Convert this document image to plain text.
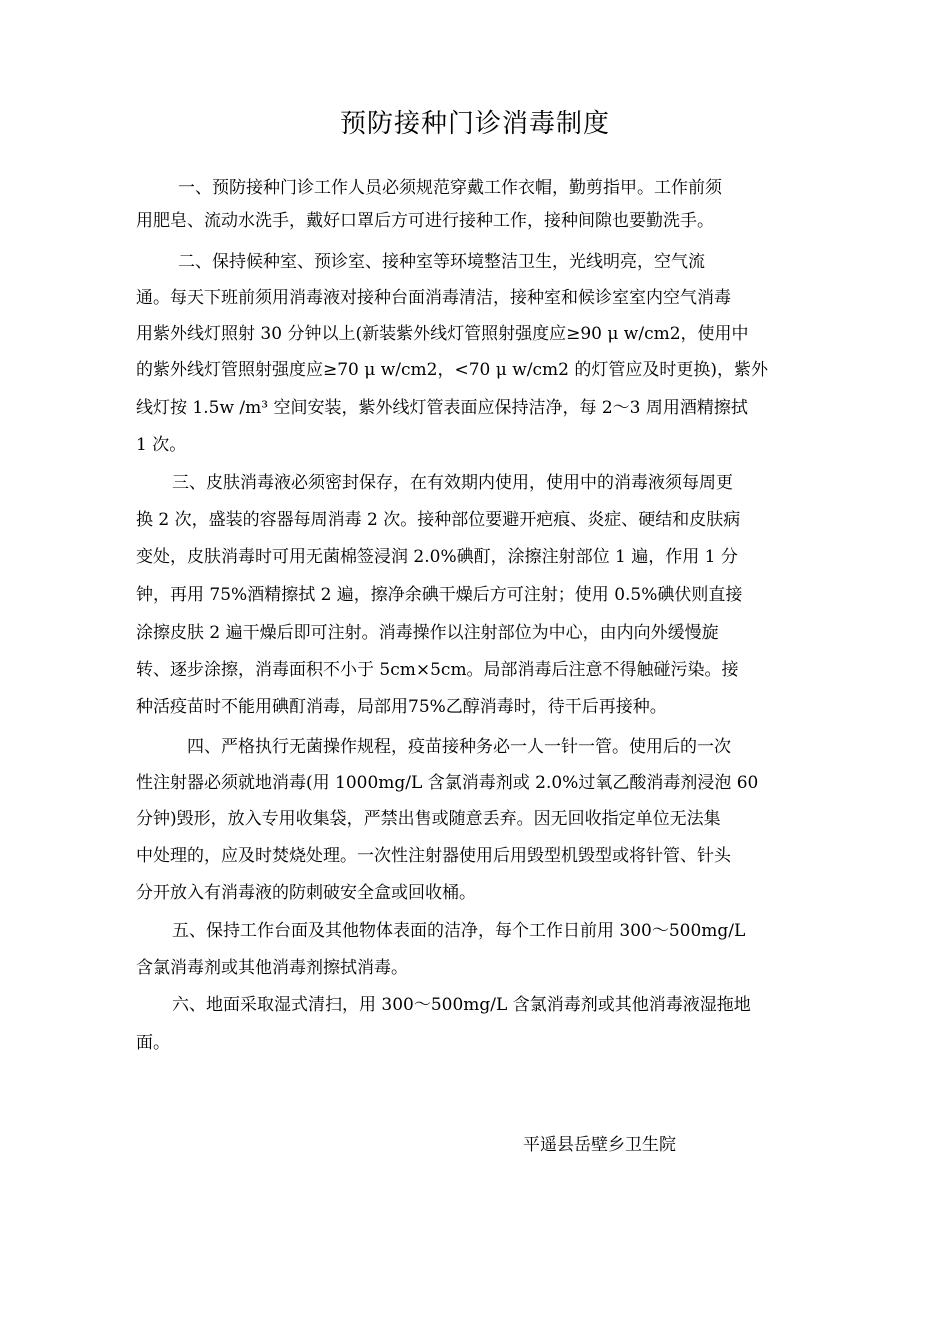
预防接种门诊消毒制度
一、预防接种门诊工作人员必须规范穿戴工作衣帽，勤剪指甲。工作前须
用肥皂、流动水洗手，戴好口罩后方可进行接种工作，接种间隙也要勤洗手。
二、保持候种室、预诊室、接种室等环境整洁卫生，光线明亮，空气流
通。每天下班前须用消毒液对接种台面消毒清洁，接种室和候诊室室内空气消毒
用紫外线灯照射 30 分钟以上(新装紫外线灯管照射强度应≥90 μ w/cm2，使用中
的紫外线灯管照射强度应≥70 μ w/cm2，<70 μ w/cm2 的灯管应及时更换)，紫外
线灯按 1.5w /m³ 空间安装，紫外线灯管表面应保持洁净，每 2～3 周用酒精擦拭
1 次。
三、皮肤消毒液必须密封保存，在有效期内使用，使用中的消毒液须每周更
换 2 次，盛装的容器每周消毒 2 次。接种部位要避开疤痕、炎症、硬结和皮肤病
变处，皮肤消毒时可用无菌棉签浸润 2.0%碘酊，涂擦注射部位 1 遍，作用 1 分
钟，再用 75%酒精擦拭 2 遍，擦净余碘干燥后方可注射；使用 0.5%碘伏则直接
涂擦皮肤 2 遍干燥后即可注射。消毒操作以注射部位为中心，由内向外缓慢旋
转、逐步涂擦，消毒面积不小于 5cm×5cm。局部消毒后注意不得触碰污染。接
种活疫苗时不能用碘酊消毒，局部用75%乙醇消毒时，待干后再接种。
四、严格执行无菌操作规程，疫苗接种务必一人一针一管。使用后的一次
性注射器必须就地消毒(用 1000mg/L 含氯消毒剂或 2.0%过氧乙酸消毒剂浸泡 60
分钟)毁形，放入专用收集袋，严禁出售或随意丢弃。因无回收指定单位无法集
中处理的，应及时焚烧处理。一次性注射器使用后用毁型机毁型或将针管、针头
分开放入有消毒液的防刺破安全盒或回收桶。
五、保持工作台面及其他物体表面的洁净，每个工作日前用 300～500mg/L
含氯消毒剂或其他消毒剂擦拭消毒。
六、地面采取湿式清扫，用 300～500mg/L 含氯消毒剂或其他消毒液湿拖地
面。
平遥县岳壁乡卫生院
